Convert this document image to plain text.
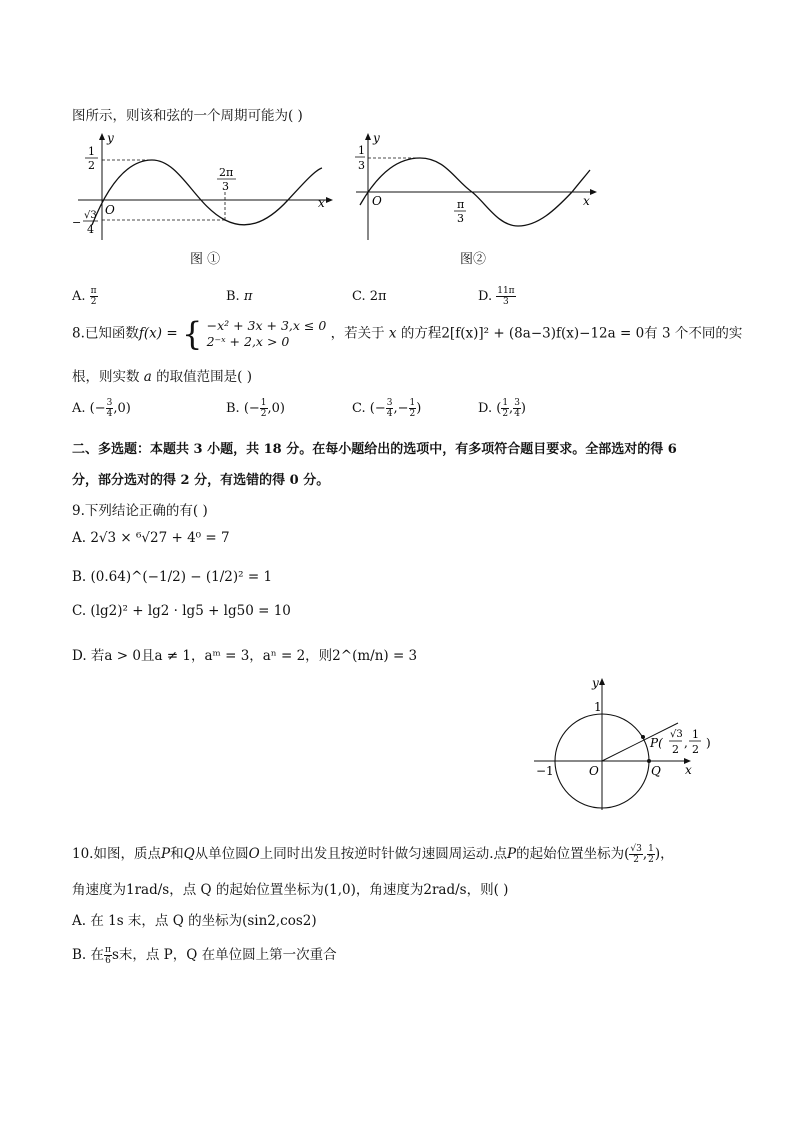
图所示，则该和弦的一个周期可能为( )
y
x
O
1
2
2π
3
−
√3
4
图 ①
y
x
O
1
3
π
3
图②
A. $\frac{\pi}{2}$	B. π	C. 2π	D. $\frac{11\pi}{3}$
8.已知函数f(x) = { −x² + 3x + 3,x ≤ 0
2⁻ˣ + 2,x > 0	，若关于 x 的方程2[f(x)]² + (8a−3)f(x)−12a = 0有 3 个不同的实
根，则实数 a 的取值范围是( )
A. (− $\frac{3}{4} ,0$)	B. (− $\frac{1}{2} ,0$)	C. (− $\frac{3}{4}$ ,− $\frac{1}{2}$ )	D. ( $\frac{1}{2}$ , $\frac{3}{4}$ )
二、多选题：本题共 3 小题，共 18 分。在每小题给出的选项中，有多项符合题目要求。全部选对的得 6
分，部分选对的得 2 分，有选错的得 0 分。
9.下列结论正确的有( )
A. 2√3 × ⁶√27 + 4⁰ = 7
B. (0.64)^(−1/2) − (1/2)² = 1
C. (lg2)² + lg2 · lg5 + lg50 = 10
D. 若a > 0且a ≠ 1，aᵐ = 3，aⁿ = 2，则2^(m/n) = 3
y
x
1
−1	O	Q
P(
√3
2 ,
1
2 )
10.如图，质点P和Q从单位圆O上同时出发且按逆时针做匀速圆周运动.点P的起始位置坐标为( $\frac{√3}{2}$ , $\frac{1}{2}$ )，
角速度为1rad/s，点 Q 的起始位置坐标为(1,0)，角速度为2rad/s，则( )
A. 在 1s 末，点 Q 的坐标为(sin2,cos2)
B. 在 $\frac{\pi}{6}$ s末，点 P，Q 在单位圆上第一次重合
